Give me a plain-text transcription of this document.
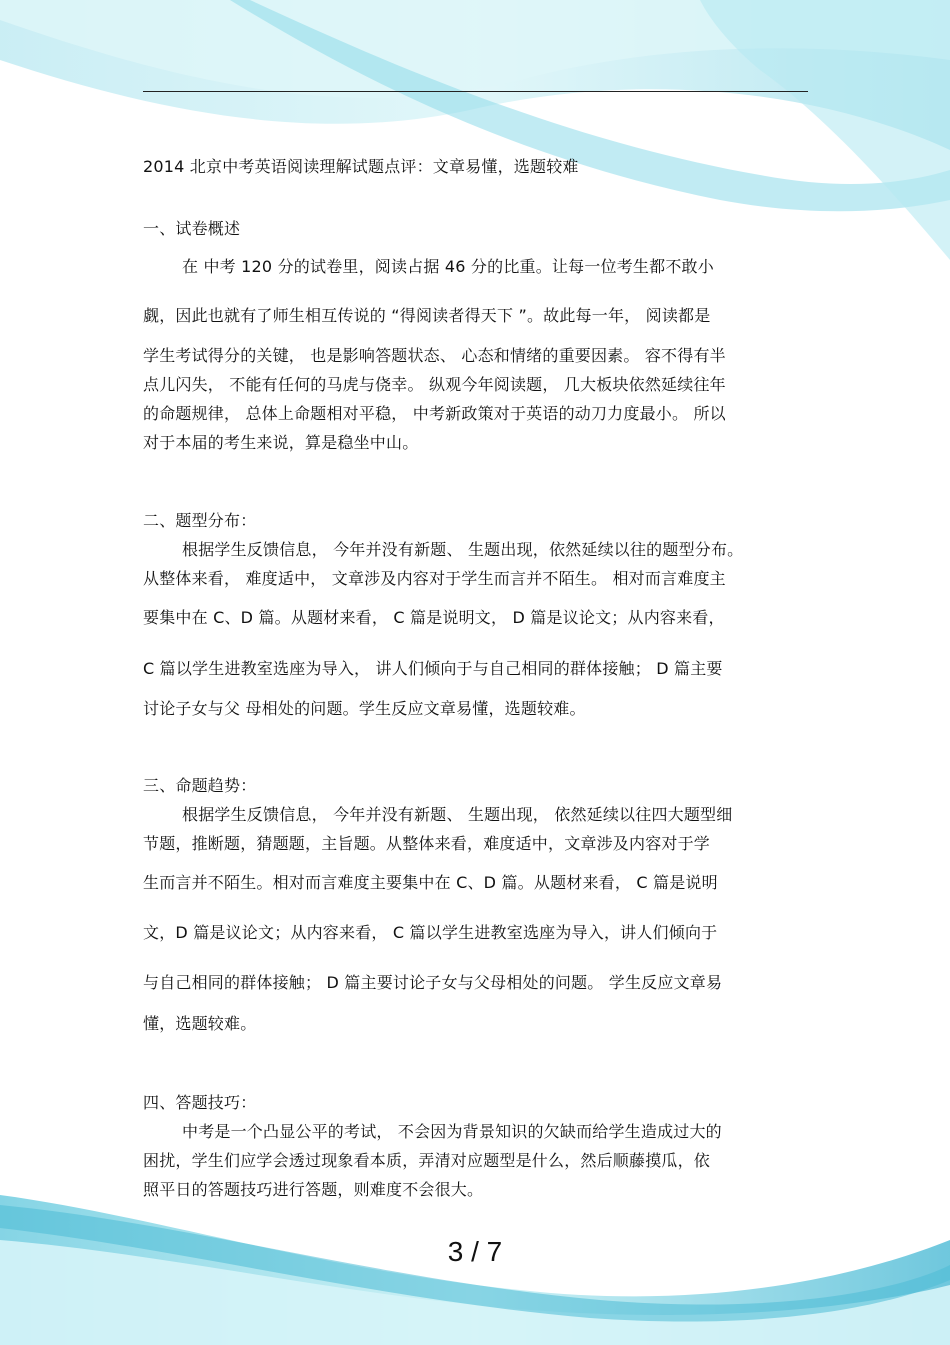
2014 北京中考英语阅读理解试题点评：文章易懂，选题较难
一、试卷概述
在 中考 120 分的试卷里，阅读占据 46 分的比重。让每一位考生都不敢小
觑，因此也就有了师生相互传说的 “得阅读者得天下 ”。故此每一年， 阅读都是
学生考试得分的关键， 也是影响答题状态、 心态和情绪的重要因素。 容不得有半
点儿闪失， 不能有任何的马虎与侥幸。 纵观今年阅读题， 几大板块依然延续往年
的命题规律， 总体上命题相对平稳， 中考新政策对于英语的动刀力度最小。 所以
对于本届的考生来说，算是稳坐中山。
二、题型分布：
根据学生反馈信息， 今年并没有新题、 生题出现，依然延续以往的题型分布。
从整体来看， 难度适中， 文章涉及内容对于学生而言并不陌生。 相对而言难度主
要集中在 C、D 篇。从题材来看， C 篇是说明文， D 篇是议论文；从内容来看，
C 篇以学生进教室选座为导入， 讲人们倾向于与自己相同的群体接触； D 篇主要
讨论子女与父 母相处的问题。学生反应文章易懂，选题较难。
三、命题趋势：
根据学生反馈信息， 今年并没有新题、 生题出现， 依然延续以往四大题型细
节题，推断题，猜题题，主旨题。从整体来看，难度适中，文章涉及内容对于学
生而言并不陌生。相对而言难度主要集中在 C、D 篇。从题材来看， C 篇是说明
文，D 篇是议论文；从内容来看， C 篇以学生进教室选座为导入，讲人们倾向于
与自己相同的群体接触； D 篇主要讨论子女与父母相处的问题。 学生反应文章易
懂，选题较难。
四、答题技巧：
中考是一个凸显公平的考试， 不会因为背景知识的欠缺而给学生造成过大的
困扰，学生们应学会透过现象看本质，弄清对应题型是什么，然后顺藤摸瓜，依
照平日的答题技巧进行答题，则难度不会很大。
3 / 7
